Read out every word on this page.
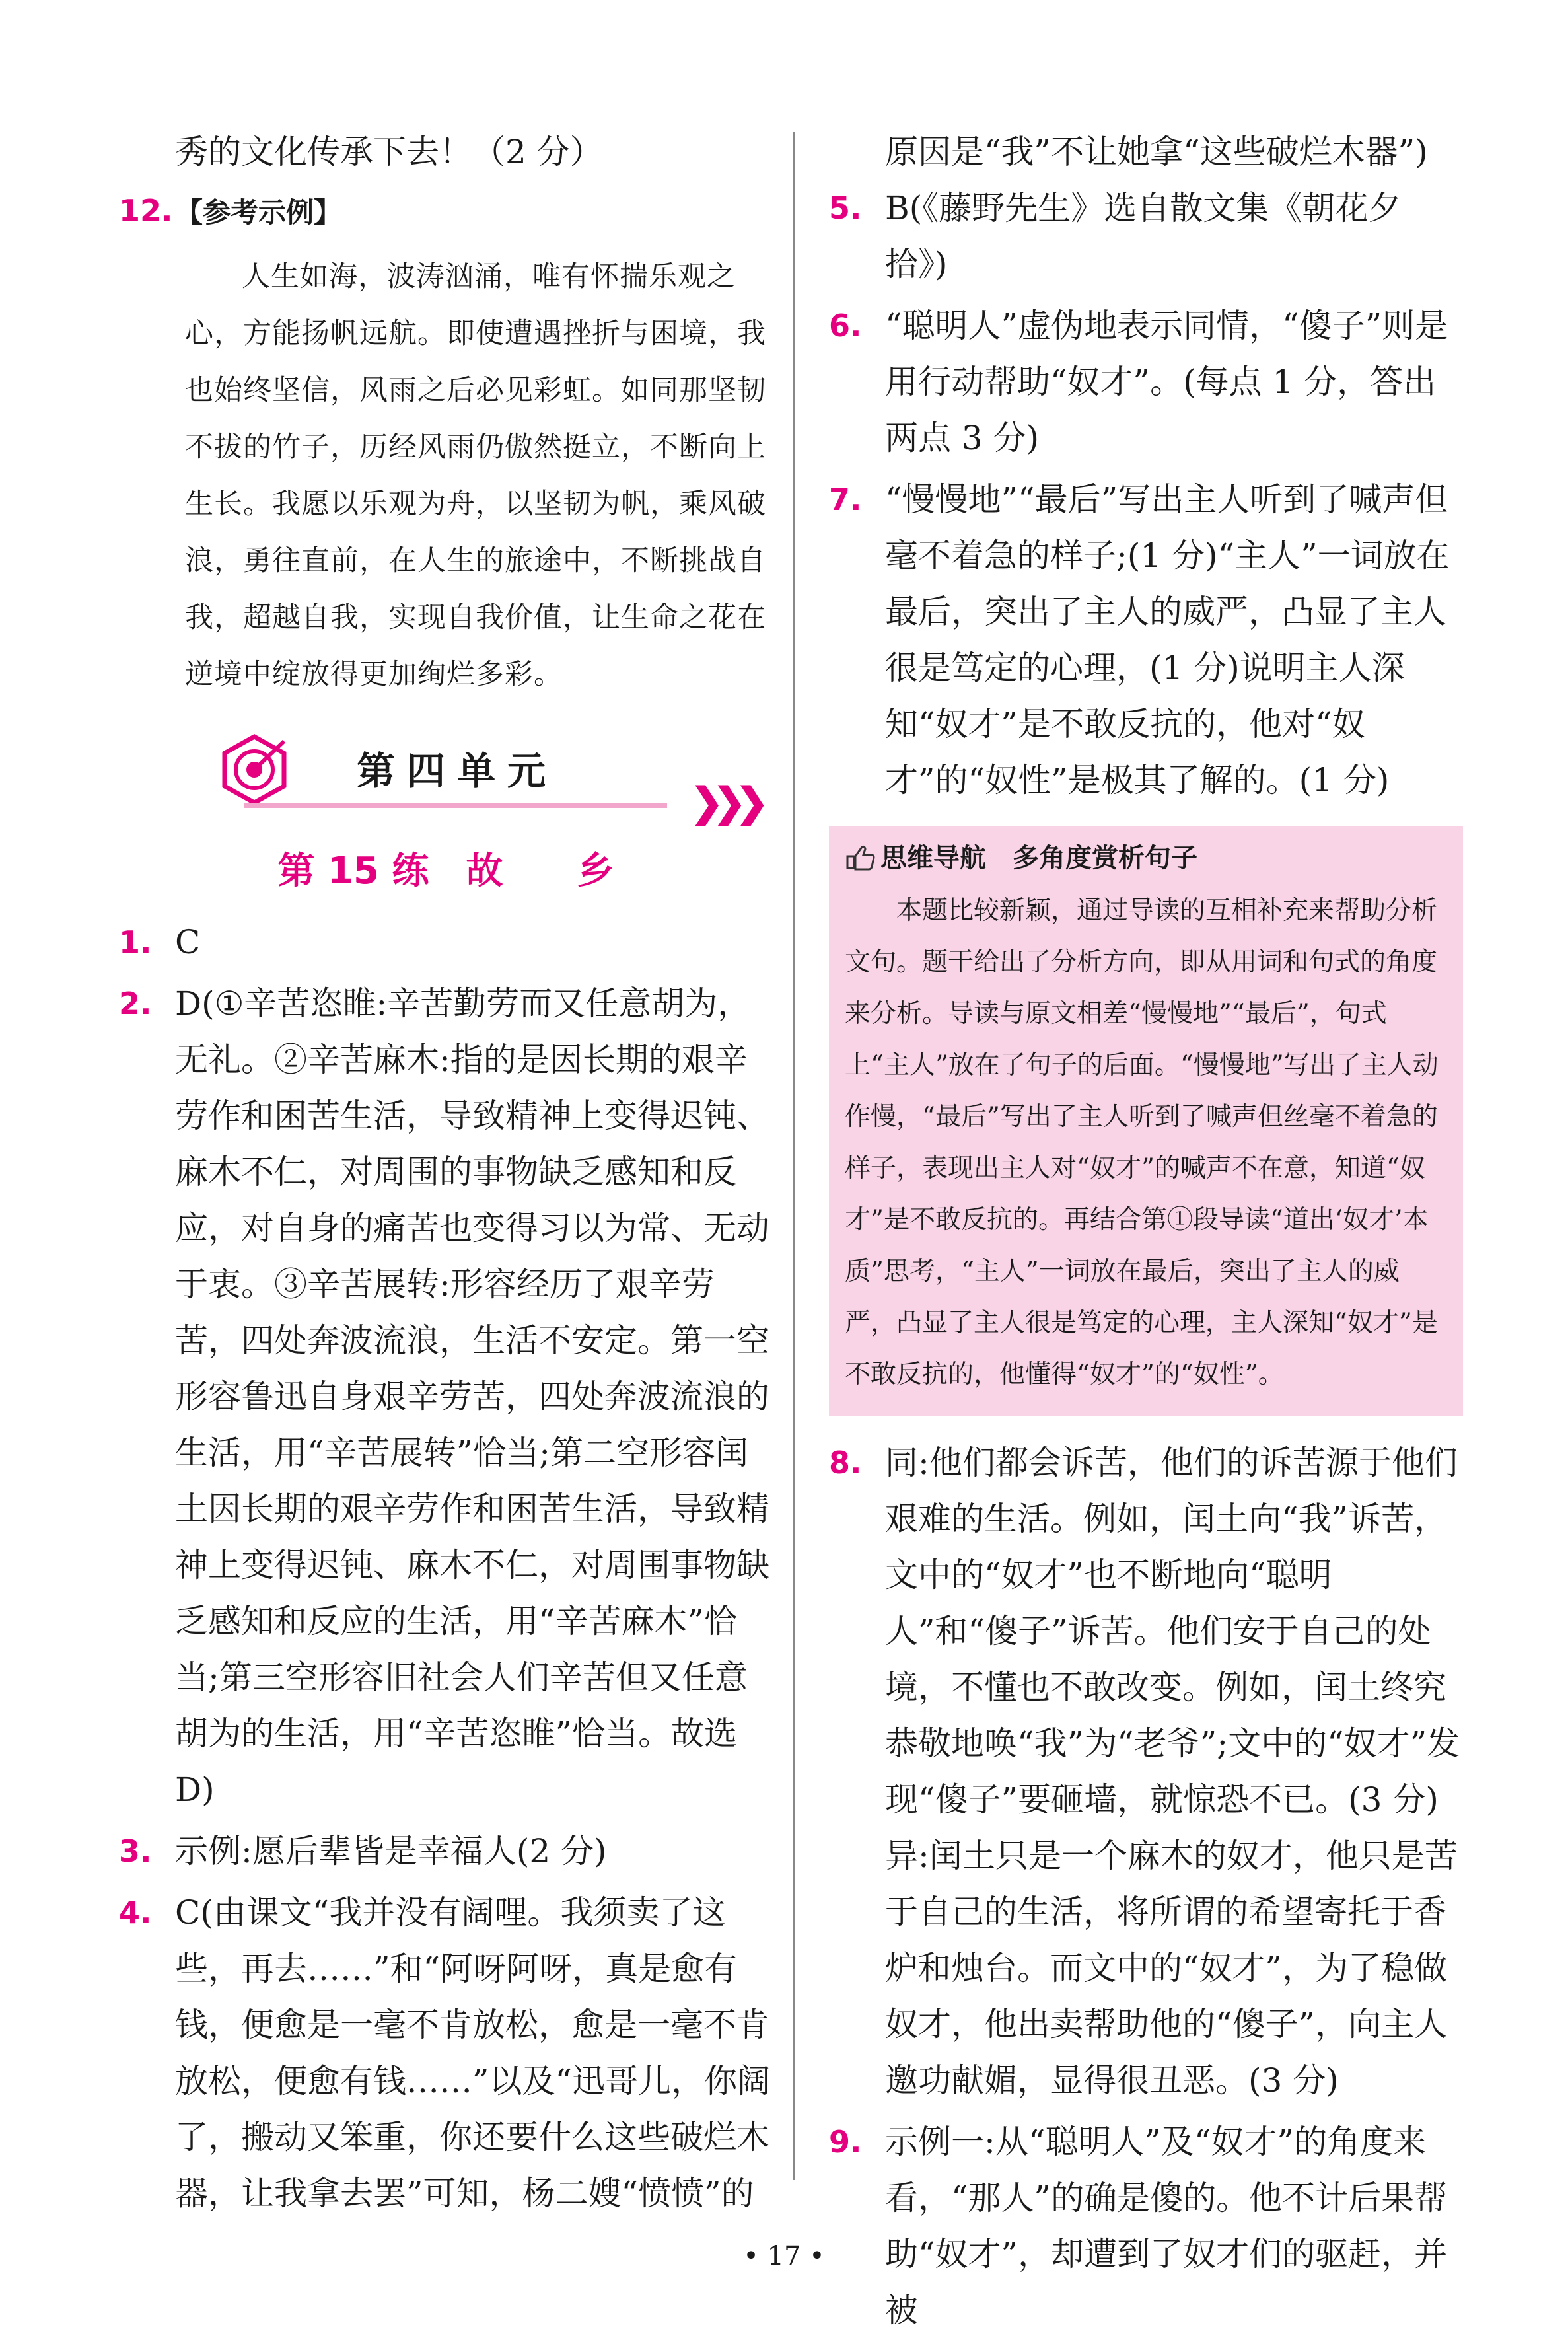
秀的文化传承下去！（2 分）

12. 【参考示例】

人生如海，波涛汹涌，唯有怀揣乐观之心，方能扬帆远航。即使遭遇挫折与困境，我也始终坚信，风雨之后必见彩虹。如同那坚韧不拔的竹子，历经风雨仍傲然挺立，不断向上生长。我愿以乐观为舟，以坚韧为帆，乘风破浪，勇往直前，在人生的旅途中，不断挑战自我，超越自我，实现自我价值，让生命之花在逆境中绽放得更加绚烂多彩。

第四单元
❯❯❯
第 15 练　故　　乡
1. C
2. D(①辛苦恣睢:辛苦勤劳而又任意胡为，无礼。②辛苦麻木:指的是因长期的艰辛劳作和困苦生活，导致精神上变得迟钝、麻木不仁，对周围的事物缺乏感知和反应，对自身的痛苦也变得习以为常、无动于衷。③辛苦展转:形容经历了艰辛劳苦，四处奔波流浪，生活不安定。第一空形容鲁迅自身艰辛劳苦，四处奔波流浪的生活，用“辛苦展转”恰当;第二空形容闰土因长期的艰辛劳作和困苦生活，导致精神上变得迟钝、麻木不仁，对周围事物缺乏感知和反应的生活，用“辛苦麻木”恰当;第三空形容旧社会人们辛苦但又任意胡为的生活，用“辛苦恣睢”恰当。故选 D)
3. 示例:愿后辈皆是幸福人(2 分)
4. C(由课文“我并没有阔哩。我须卖了这些，再去……”和“阿呀阿呀，真是愈有钱，便愈是一毫不肯放松，愈是一毫不肯放松，便愈有钱……”以及“迅哥儿，你阔了，搬动又笨重，你还要什么这些破烂木器，让我拿去罢”可知，杨二嫂“愤愤”的

原因是“我”不让她拿“这些破烂木器”)

5. B(《藤野先生》选自散文集《朝花夕拾》)
6. “聪明人”虚伪地表示同情，“傻子”则是用行动帮助“奴才”。(每点 1 分，答出两点 3 分)
7. “慢慢地”“最后”写出主人听到了喊声但毫不着急的样子;(1 分)“主人”一词放在最后，突出了主人的威严，凸显了主人很是笃定的心理，(1 分)说明主人深知“奴才”是不敢反抗的，他对“奴才”的“奴性”是极其了解的。(1 分)
思维导航 多角度赏析句子

本题比较新颖，通过导读的互相补充来帮助分析文句。题干给出了分析方向，即从用词和句式的角度来分析。导读与原文相差“慢慢地”“最后”，句式上“主人”放在了句子的后面。“慢慢地”写出了主人动作慢，“最后”写出了主人听到了喊声但丝毫不着急的样子，表现出主人对“奴才”的喊声不在意，知道“奴才”是不敢反抗的。再结合第①段导读“道出‘奴才’本质”思考，“主人”一词放在最后，突出了主人的威严，凸显了主人很是笃定的心理，主人深知“奴才”是不敢反抗的，他懂得“奴才”的“奴性”。

8. 同:他们都会诉苦，他们的诉苦源于他们艰难的生活。例如，闰土向“我”诉苦，文中的“奴才”也不断地向“聪明人”和“傻子”诉苦。他们安于自己的处境，不懂也不敢改变。例如，闰土终究恭敬地唤“我”为“老爷”;文中的“奴才”发现“傻子”要砸墙，就惊恐不已。(3 分)异:闰土只是一个麻木的奴才，他只是苦于自己的生活，将所谓的希望寄托于香炉和烛台。而文中的“奴才”，为了稳做奴才，他出卖帮助他的“傻子”，向主人邀功献媚，显得很丑恶。(3 分)
9. 示例一:从“聪明人”及“奴才”的角度来看，“那人”的确是傻的。他不计后果帮助“奴才”，却遭到了奴才们的驱赶，并被
• 17 •
